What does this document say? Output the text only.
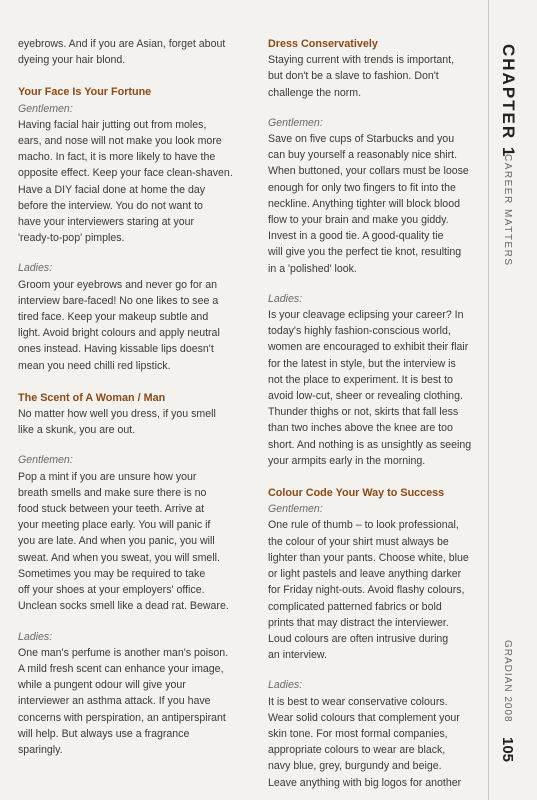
eyebrows. And if you are Asian, forget about

dyeing your hair blond.

Your Face Is Your Fortune

Gentlemen:

Having facial hair jutting out from moles,

ears, and nose will not make you look more

macho. In fact, it is more likely to have the

opposite effect. Keep your face clean-shaven.

Have a DIY facial done at home the day

before the interview. You do not want to

have your interviewers staring at your

'ready-to-pop' pimples.

Ladies:

Groom your eyebrows and never go for an

interview bare-faced! No one likes to see a

tired face. Keep your makeup subtle and

light. Avoid bright colours and apply neutral

ones instead. Having kissable lips doesn't

mean you need chilli red lipstick.

The Scent of A Woman / Man

No matter how well you dress, if you smell

like a skunk, you are out.

Gentlemen:

Pop a mint if you are unsure how your

breath smells and make sure there is no

food stuck between your teeth. Arrive at

your meeting place early. You will panic if

you are late. And when you panic, you will

sweat. And when you sweat, you will smell.

Sometimes you may be required to take

off your shoes at your employers' office.

Unclean socks smell like a dead rat. Beware.

Ladies:

One man's perfume is another man's poison.

A mild fresh scent can enhance your image,

while a pungent odour will give your

interviewer an asthma attack. If you have

concerns with perspiration, an antiperspirant

will help. But always use a fragrance

sparingly.

Dress Conservatively

Staying current with trends is important,

but don't be a slave to fashion. Don't

challenge the norm.

Gentlemen:

Save on five cups of Starbucks and you

can buy yourself a reasonably nice shirt.

When buttoned, your collars must be loose

enough for only two fingers to fit into the

neckline. Anything tighter will block blood

flow to your brain and make you giddy.

Invest in a good tie. A good-quality tie

will give you the perfect tie knot, resulting

in a 'polished' look.

Ladies:

Is your cleavage eclipsing your career? In

today's highly fashion-conscious world,

women are encouraged to exhibit their flair

for the latest in style, but the interview is

not the place to experiment. It is best to

avoid low-cut, sheer or revealing clothing.

Thunder thighs or not, skirts that fall less

than two inches above the knee are too

short. And nothing is as unsightly as seeing

your armpits early in the morning.

Colour Code Your Way to Success

Gentlemen:

One rule of thumb – to look professional,

the colour of your shirt must always be

lighter than your pants. Choose white, blue

or light pastels and leave anything darker

for Friday night-outs. Avoid flashy colours,

complicated patterned fabrics or bold

prints that may distract the interviewer.

Loud colours are often intrusive during

an interview.

Ladies:

It is best to wear conservative colours.

Wear solid colours that complement your

skin tone. For most formal companies,

appropriate colours to wear are black,

navy blue, grey, burgundy and beige.

Leave anything with big logos for another

CHAPTER 1
CAREER MATTERS
GRADIAN 2008
105
